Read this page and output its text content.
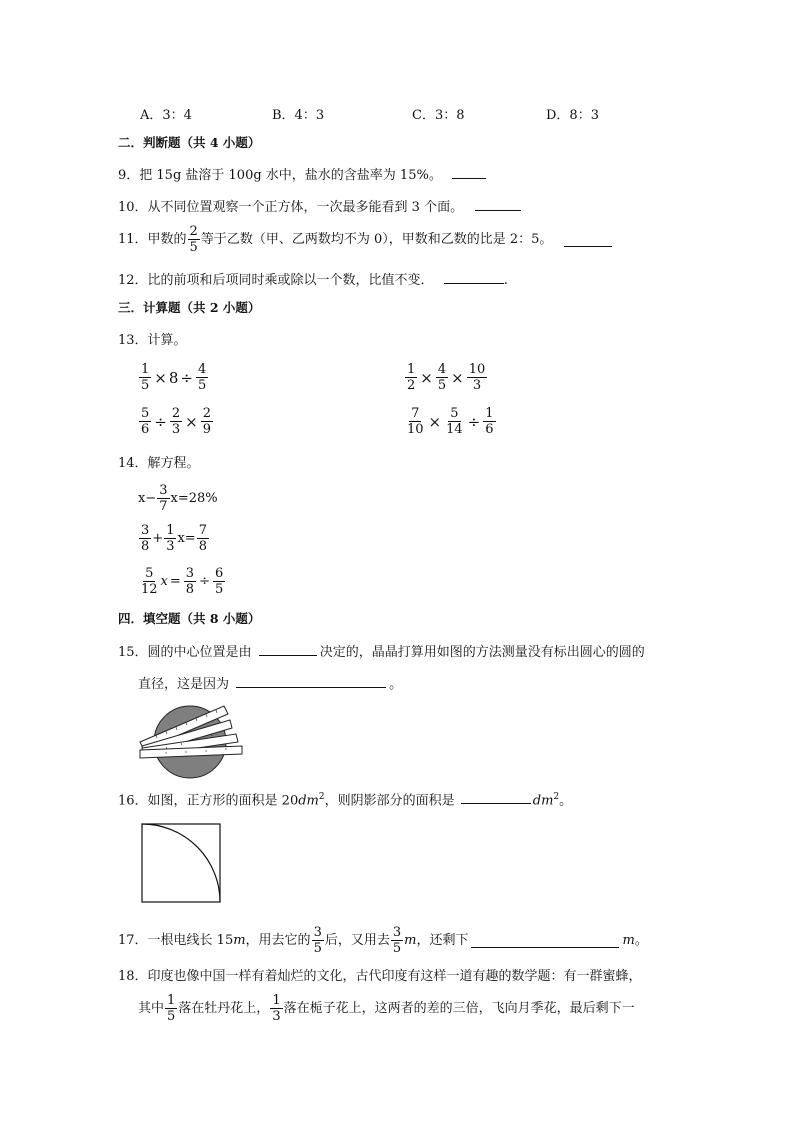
A．3：4	B．4：3	C．3：8	D．8：3
二．判断题（共 4 小题）
9．把 15g 盐溶于 100g 水中，盐水的含盐率为 15%。
10．从不同位置观察一个正方体，一次最多能看到 3 个面。
11．甲数的 2
5
等于乙数（甲、乙两数均不为 0），甲数和乙数的比是 2：5。
12．比的前项和后项同时乘或除以一个数，比值不变．	.
三．计算题（共 2 小题）
13．计算。
$\frac{1}{5} \times 8 \div \frac{4}{5}$	$\frac{1}{2} \times \frac{4}{5} \times \frac{10}{3}$
$\frac{5}{6} \div \frac{2}{3} \times \frac{2}{9}$	$\frac{7}{10} \times \frac{5}{14} \div \frac{1}{6}$
14．解方程。
$x- \frac{3}{7} x=28\%$
3
8
+ $\frac{1}{3} x= \frac{7}{8}$
5
12
$x = \frac{3}{8} \div \frac{6}{5}$
四．填空题（共 8 小题）
15．圆的中心位置是由	决定的，晶晶打算用如图的方法测量没有标出圆心的圆的
直径，这是因为	。
16．如图，正方形的面积是 $20dm^2$，则阴影部分的面积是	$dm^2$。
17．一根电线长 15 m ，用去它的 3
5
后，又用去 3
5
m ，还剩下	m 。
18．印度也像中国一样有着灿烂的文化，古代印度有这样一道有趣的数学题：有一群蜜蜂，
其中 1
5
落在牡丹花上， 1
3
落在栀子花上，这两者的差的三倍，飞向月季花，最后剩下一
